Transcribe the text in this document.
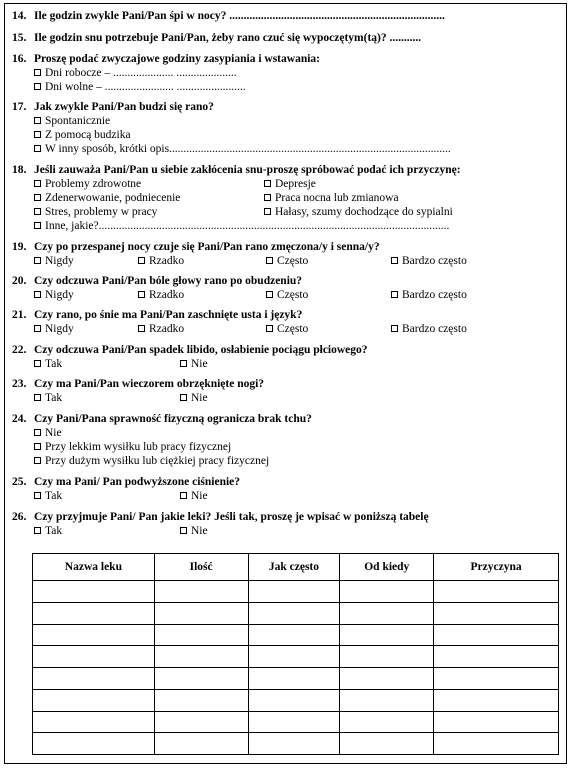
14. Ile godzin zwykle Pani/Pan śpi w nocy? ...........................................................................
15. Ile godzin snu potrzebuje Pani/Pan, żeby rano czuć się wypoczętym(tą)? ...........
16. Proszę podać zwyczajowe godziny zasypiania i wstawania:
Dni robocze – ..................... .....................
Dni wolne – ........................ ........................
17. Jak zwykle Pani/Pan budzi się rano?
Spontanicznie
Z pomocą budzika
W inny sposób, krótki opis..................................................................................................
18. Jeśli zauważa Pani/Pan u siebie zakłócenia snu-proszę spróbować podać ich przyczynę:
Problemy zdrowotne	Depresje
Zdenerwowanie, podniecenie	Praca nocna lub zmianowa
Stres, problemy w pracy	Hałasy, szumy dochodzące do sypialni
Inne, jakie?..........................................................................................................................
19. Czy po przespanej nocy czuje się Pani/Pan rano zmęczona/y i senna/y?
Nigdy	Rzadko	Często	Bardzo często
20. Czy odczuwa Pani/Pan bóle głowy rano po obudzeniu?
Nigdy	Rzadko	Często	Bardzo często
21. Czy rano, po śnie ma Pani/Pan zaschnięte usta i język?
Nigdy	Rzadko	Często	Bardzo często
22. Czy odczuwa Pani/Pan spadek libido, osłabienie pociągu płciowego?
Tak	Nie
23. Czy ma Pani/Pan wieczorem obrzęknięte nogi?
Tak	Nie
24. Czy Pani/Pana sprawność fizyczną ogranicza brak tchu?
Nie
Przy lekkim wysiłku lub pracy fizycznej
Przy dużym wysiłku lub ciężkiej pracy fizycznej
25. Czy ma Pani/ Pan podwyższone ciśnienie?
Tak	Nie
26. Czy przyjmuje Pani/ Pan jakie leki? Jeśli tak, proszę je wpisać w poniższą tabelę
Tak	Nie
Nazwa leku	Ilość	Jak często	Od kiedy	Przyczyna
